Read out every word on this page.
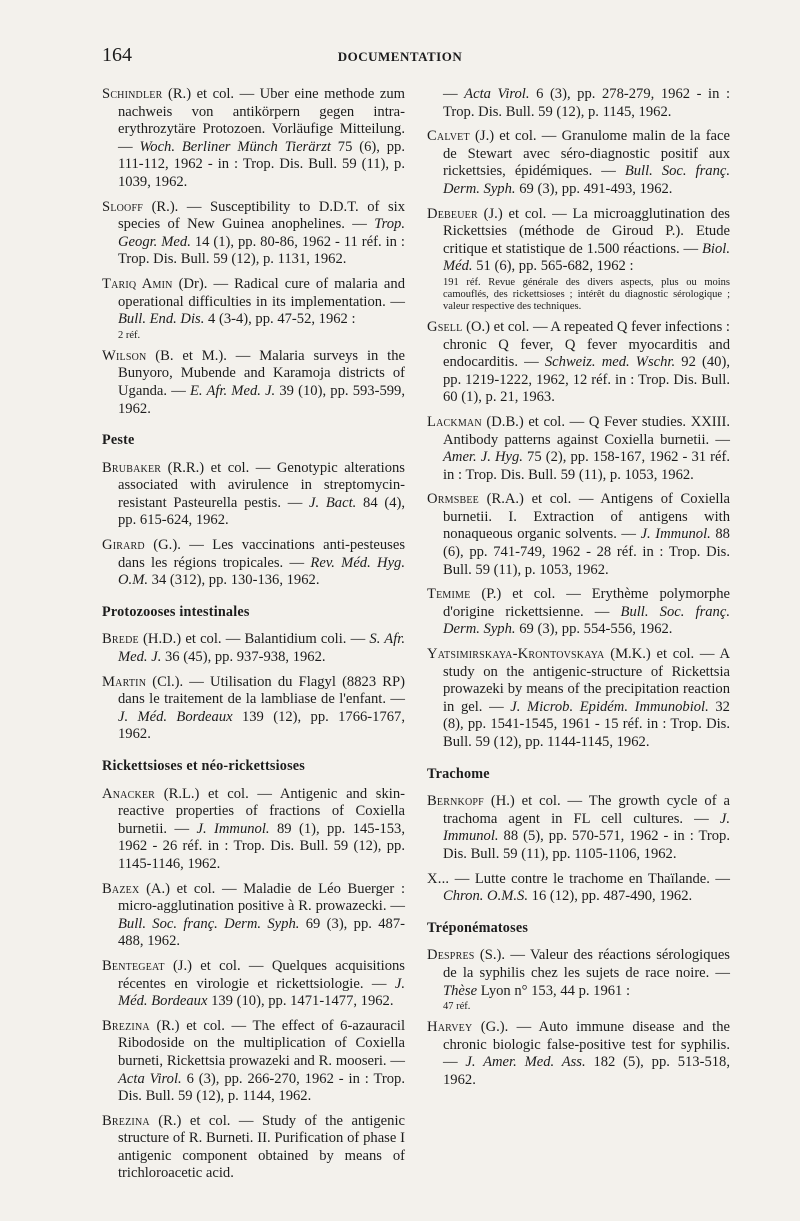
164	DOCUMENTATION
Schindler (R.) et col. — Uber eine methode zum nachweis von antikörpern gegen intra-erythrozytäre Protozoen. Vorläufige Mitteilung. — Woch. Berliner Münch Tierärzt 75 (6), pp. 111-112, 1962 - in : Trop. Dis. Bull. 59 (11), p. 1039, 1962.
Slooff (R.). — Susceptibility to D.D.T. of six species of New Guinea anophelines. — Trop. Geogr. Med. 14 (1), pp. 80-86, 1962 - 11 réf. in : Trop. Dis. Bull. 59 (12), p. 1131, 1962.
Tariq Amin (Dr). — Radical cure of malaria and operational difficulties in its implementation. — Bull. End. Dis. 4 (3-4), pp. 47-52, 1962 :
2 réf.
Wilson (B. et M.). — Malaria surveys in the Bunyoro, Mubende and Karamoja districts of Uganda. — E. Afr. Med. J. 39 (10), pp. 593-599, 1962.
Peste
Brubaker (R.R.) et col. — Genotypic alterations associated with avirulence in streptomycin-resistant Pasteurella pestis. — J. Bact. 84 (4), pp. 615-624, 1962.
Girard (G.). — Les vaccinations anti-pesteuses dans les régions tropicales. — Rev. Méd. Hyg. O.M. 34 (312), pp. 130-136, 1962.
Protozooses intestinales
Brede (H.D.) et col. — Balantidium coli. — S. Afr. Med. J. 36 (45), pp. 937-938, 1962.
Martin (Cl.). — Utilisation du Flagyl (8823 RP) dans le traitement de la lambliase de l'enfant. — J. Méd. Bordeaux 139 (12), pp. 1766-1767, 1962.
Rickettsioses et néo-rickettsioses
Anacker (R.L.) et col. — Antigenic and skin-reactive properties of fractions of Coxiella burnetii. — J. Immunol. 89 (1), pp. 145-153, 1962 - 26 réf. in : Trop. Dis. Bull. 59 (12), pp. 1145-1146, 1962.
Bazex (A.) et col. — Maladie de Léo Buerger : micro-agglutination positive à R. prowazecki. — Bull. Soc. franç. Derm. Syph. 69 (3), pp. 487-488, 1962.
Bentegeat (J.) et col. — Quelques acquisitions récentes en virologie et rickettsiologie. — J. Méd. Bordeaux 139 (10), pp. 1471-1477, 1962.
Brezina (R.) et col. — The effect of 6-azauracil Ribodoside on the multiplication of Coxiella burneti, Rickettsia prowazeki and R. mooseri. — Acta Virol. 6 (3), pp. 266-270, 1962 - in : Trop. Dis. Bull. 59 (12), p. 1144, 1962.
Brezina (R.) et col. — Study of the antigenic structure of R. Burneti. II. Purification of phase I antigenic component obtained by means of trichloroacetic acid.
— Acta Virol. 6 (3), pp. 278-279, 1962 - in : Trop. Dis. Bull. 59 (12), p. 1145, 1962.
Calvet (J.) et col. — Granulome malin de la face de Stewart avec séro-diagnostic positif aux rickettsies, épidémiques. — Bull. Soc. franç. Derm. Syph. 69 (3), pp. 491-493, 1962.
Debeuer (J.) et col. — La microagglutination des Rickettsies (méthode de Giroud P.). Etude critique et statistique de 1.500 réactions. — Biol. Méd. 51 (6), pp. 565-682, 1962 :
191 réf. Revue générale des divers aspects, plus ou moins camouflés, des rickettsioses ; intérêt du diagnostic sérologique ; valeur respective des techniques.
Gsell (O.) et col. — A repeated Q fever infections : chronic Q fever, Q fever myocarditis and endocarditis. — Schweiz. med. Wschr. 92 (40), pp. 1219-1222, 1962, 12 réf. in : Trop. Dis. Bull. 60 (1), p. 21, 1963.
Lackman (D.B.) et col. — Q Fever studies. XXIII. Antibody patterns against Coxiella burnetii. — Amer. J. Hyg. 75 (2), pp. 158-167, 1962 - 31 réf. in : Trop. Dis. Bull. 59 (11), p. 1053, 1962.
Ormsbee (R.A.) et col. — Antigens of Coxiella burnetii. I. Extraction of antigens with nonaqueous organic solvents. — J. Immunol. 88 (6), pp. 741-749, 1962 - 28 réf. in : Trop. Dis. Bull. 59 (11), p. 1053, 1962.
Temime (P.) et col. — Erythème polymorphe d'origine rickettsienne. — Bull. Soc. franç. Derm. Syph. 69 (3), pp. 554-556, 1962.
Yatsimirskaya-Krontovskaya (M.K.) et col. — A study on the antigenic-structure of Rickettsia prowazeki by means of the precipitation reaction in gel. — J. Microb. Epidém. Immunobiol. 32 (8), pp. 1541-1545, 1961 - 15 réf. in : Trop. Dis. Bull. 59 (12), pp. 1144-1145, 1962.
Trachome
Bernkopf (H.) et col. — The growth cycle of a trachoma agent in FL cell cultures. — J. Immunol. 88 (5), pp. 570-571, 1962 - in : Trop. Dis. Bull. 59 (11), pp. 1105-1106, 1962.
X... — Lutte contre le trachome en Thaïlande. — Chron. O.M.S. 16 (12), pp. 487-490, 1962.
Tréponématoses
Despres (S.). — Valeur des réactions sérologiques de la syphilis chez les sujets de race noire. — Thèse Lyon n° 153, 44 p. 1961 :
47 réf.
Harvey (G.). — Auto immune disease and the chronic biologic false-positive test for syphilis. — J. Amer. Med. Ass. 182 (5), pp. 513-518, 1962.
